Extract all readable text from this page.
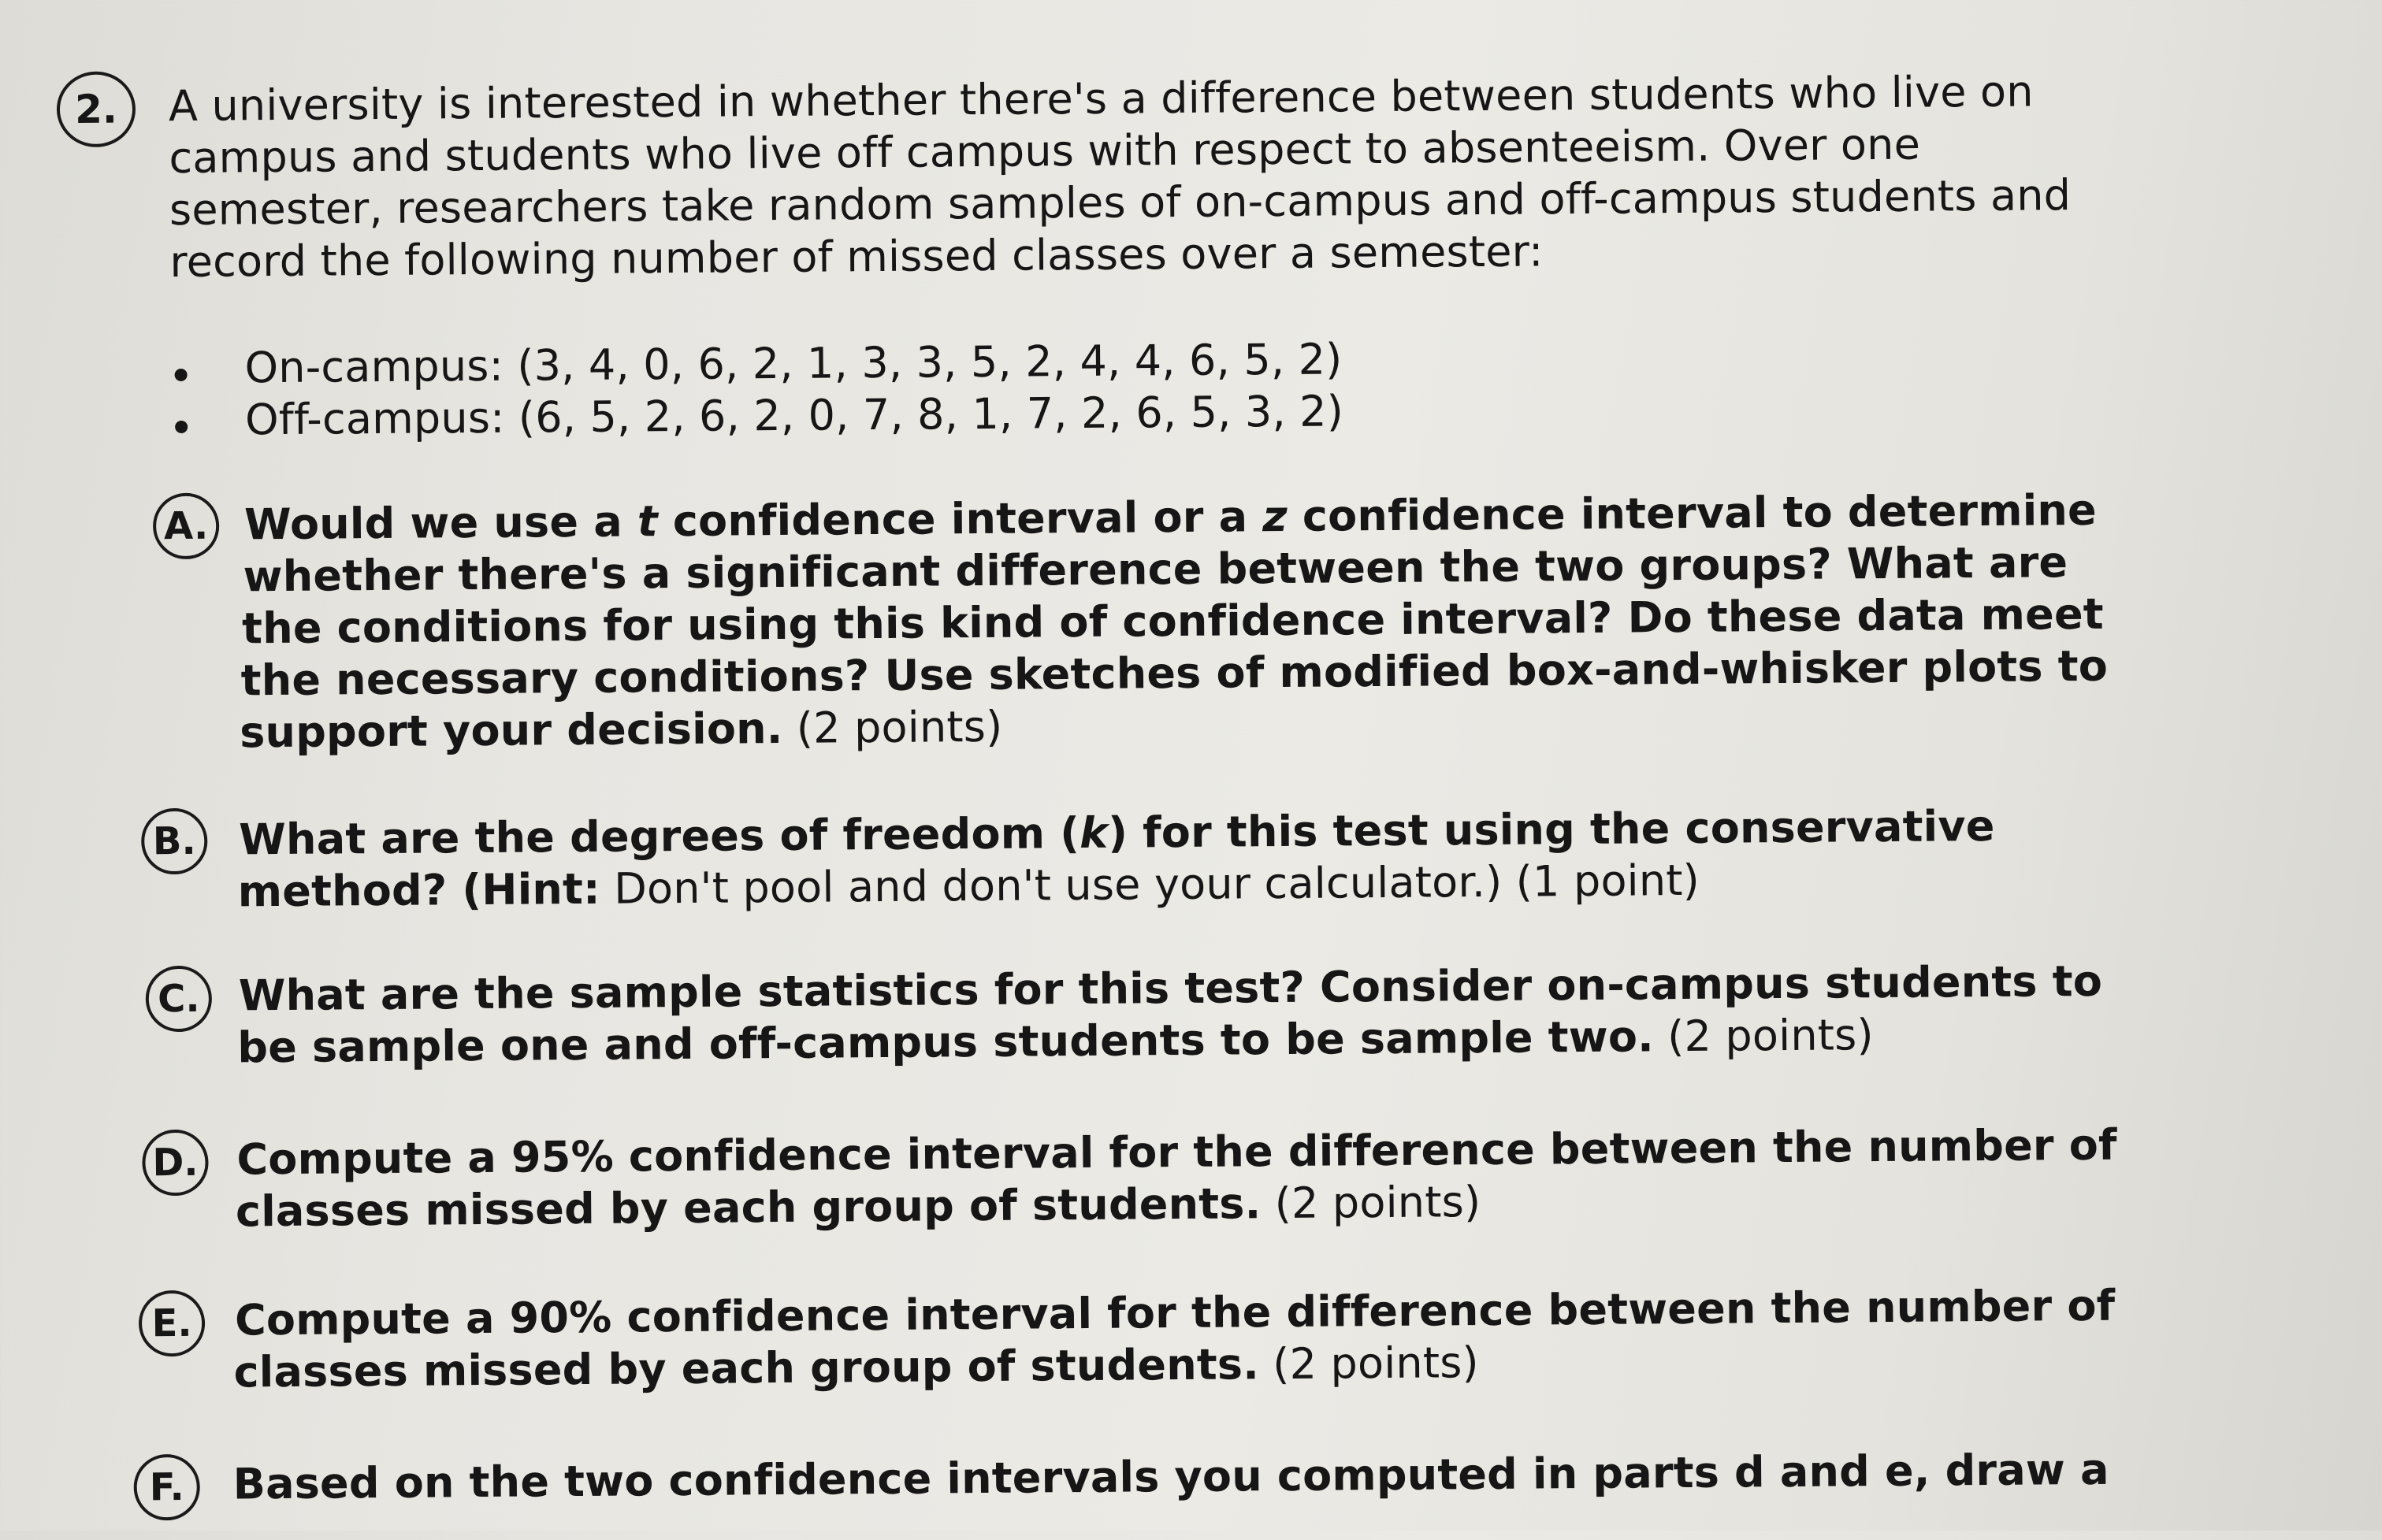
2. A university is interested in whether there's a difference between students who live on
campus and students who live off campus with respect to absenteeism. Over one
semester, researchers take random samples of on-campus and off-campus students and
record the following number of missed classes over a semester:
On-campus: (3, 4, 0, 6, 2, 1, 3, 3, 5, 2, 4, 4, 6, 5, 2)
Off-campus: (6, 5, 2, 6, 2, 0, 7, 8, 1, 7, 2, 6, 5, 3, 2)
A. Would we use a t confidence interval or a z confidence interval to determine
whether there's a significant difference between the two groups? What are
the conditions for using this kind of confidence interval? Do these data meet
the necessary conditions? Use sketches of modified box-and-whisker plots to
support your decision. (2 points)
B. What are the degrees of freedom (k) for this test using the conservative
method? (Hint: Don't pool and don't use your calculator.) (1 point)
C. What are the sample statistics for this test? Consider on-campus students to
be sample one and off-campus students to be sample two. (2 points)
D. Compute a 95% confidence interval for the difference between the number of
classes missed by each group of students. (2 points)
E. Compute a 90% confidence interval for the difference between the number of
classes missed by each group of students. (2 points)
F. Based on the two confidence intervals you computed in parts d and e, draw a
